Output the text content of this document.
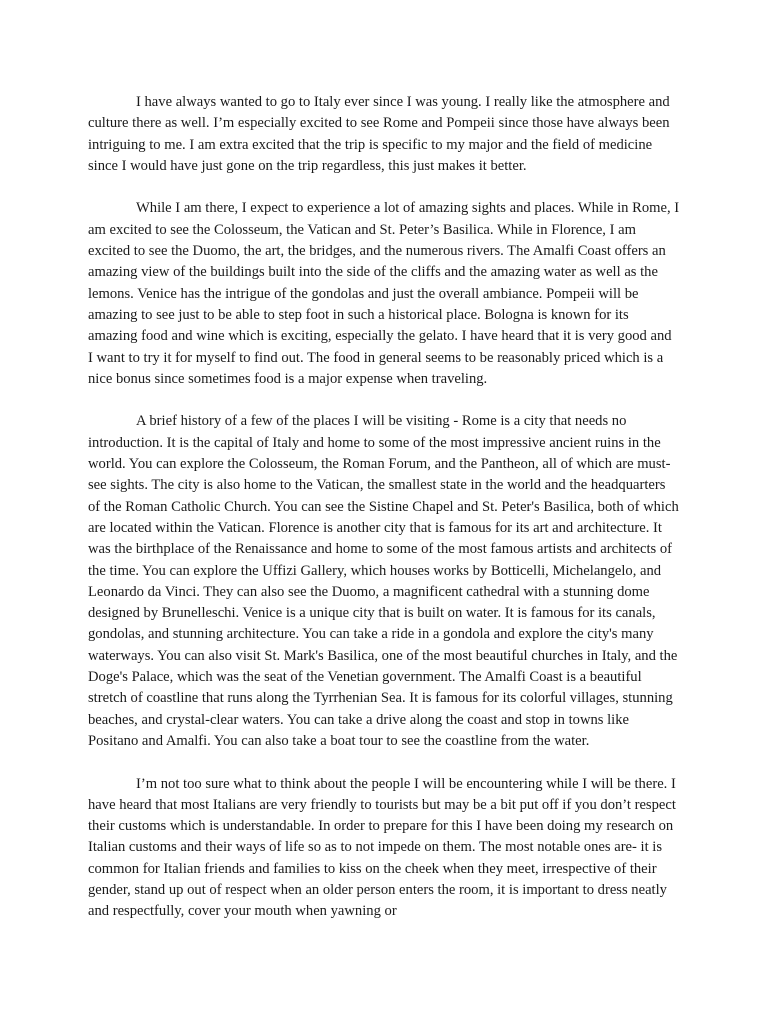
I have always wanted to go to Italy ever since I was young. I really like the atmosphere and culture there as well. I’m especially excited to see Rome and Pompeii since those have always been intriguing to me. I am extra excited that the trip is specific to my major and the field of medicine since I would have just gone on the trip regardless, this just makes it better.

While I am there, I expect to experience a lot of amazing sights and places. While in Rome, I am excited to see the Colosseum, the Vatican and St. Peter’s Basilica. While in Florence, I am excited to see the Duomo, the art, the bridges, and the numerous rivers. The Amalfi Coast offers an amazing view of the buildings built into the side of the cliffs and the amazing water as well as the lemons. Venice has the intrigue of the gondolas and just the overall ambiance. Pompeii will be amazing to see just to be able to step foot in such a historical place. Bologna is known for its amazing food and wine which is exciting, especially the gelato. I have heard that it is very good and I want to try it for myself to find out. The food in general seems to be reasonably priced which is a nice bonus since sometimes food is a major expense when traveling.

A brief history of a few of the places I will be visiting - Rome is a city that needs no introduction. It is the capital of Italy and home to some of the most impressive ancient ruins in the world. You can explore the Colosseum, the Roman Forum, and the Pantheon, all of which are must-see sights. The city is also home to the Vatican, the smallest state in the world and the headquarters of the Roman Catholic Church. You can see the Sistine Chapel and St. Peter's Basilica, both of which are located within the Vatican. Florence is another city that is famous for its art and architecture. It was the birthplace of the Renaissance and home to some of the most famous artists and architects of the time. You can explore the Uffizi Gallery, which houses works by Botticelli, Michelangelo, and Leonardo da Vinci. They can also see the Duomo, a magnificent cathedral with a stunning dome designed by Brunelleschi. Venice is a unique city that is built on water. It is famous for its canals, gondolas, and stunning architecture. You can take a ride in a gondola and explore the city's many waterways. You can also visit St. Mark's Basilica, one of the most beautiful churches in Italy, and the Doge's Palace, which was the seat of the Venetian government. The Amalfi Coast is a beautiful stretch of coastline that runs along the Tyrrhenian Sea. It is famous for its colorful villages, stunning beaches, and crystal-clear waters. You can take a drive along the coast and stop in towns like Positano and Amalfi. You can also take a boat tour to see the coastline from the water.

I’m not too sure what to think about the people I will be encountering while I will be there. I have heard that most Italians are very friendly to tourists but may be a bit put off if you don’t respect their customs which is understandable. In order to prepare for this I have been doing my research on Italian customs and their ways of life so as to not impede on them. The most notable ones are- it is common for Italian friends and families to kiss on the cheek when they meet, irrespective of their gender, stand up out of respect when an older person enters the room, it is important to dress neatly and respectfully, cover your mouth when yawning or
